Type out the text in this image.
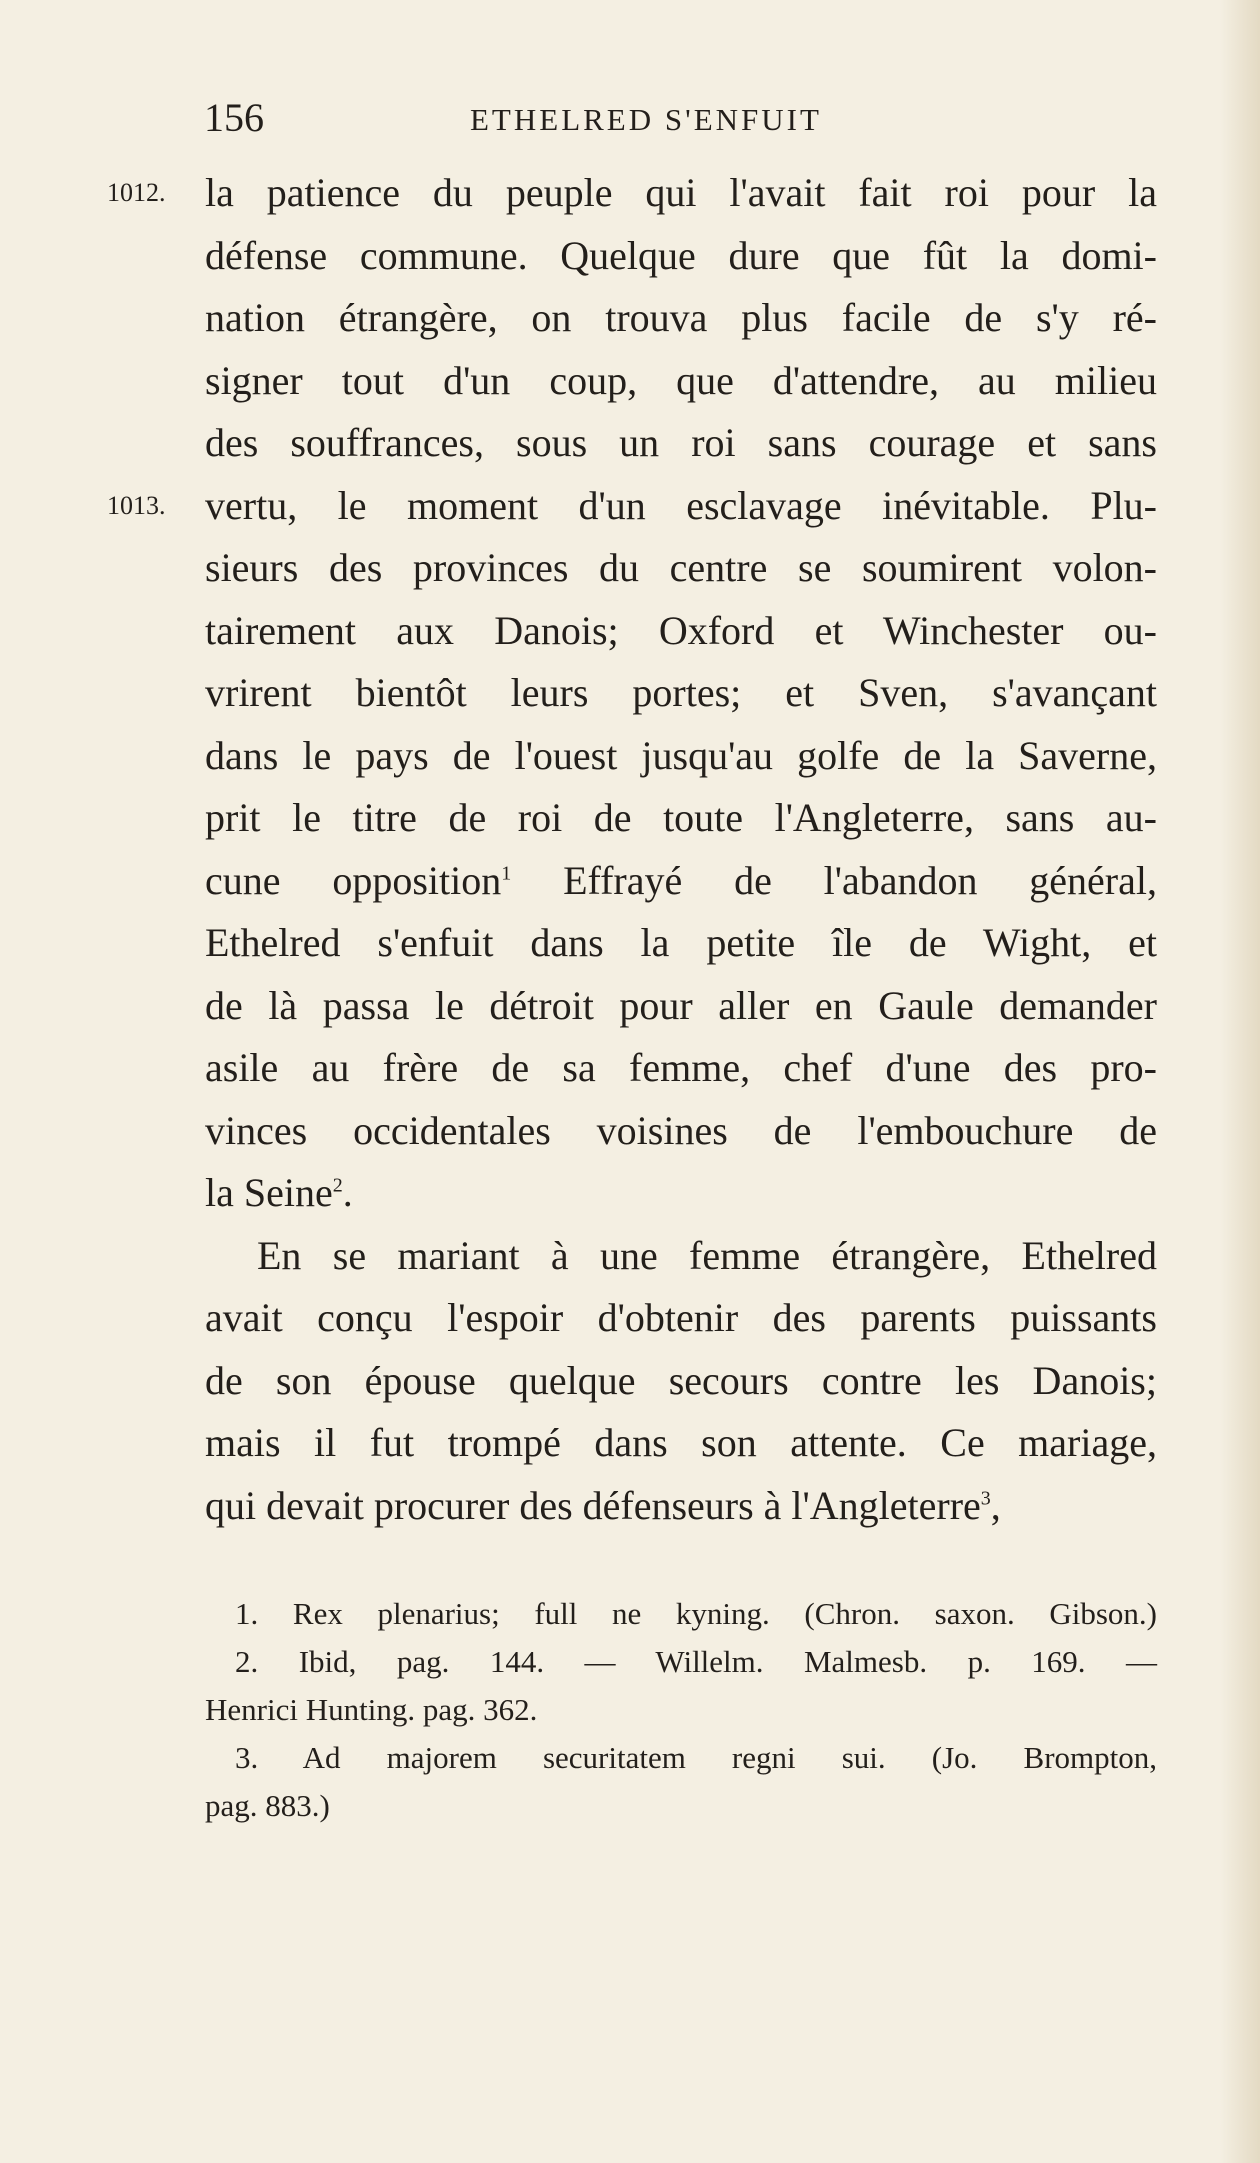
156	ETHELRED S'ENFUIT
1012. la patience du peuple qui l'avait fait roi pour la
défense commune. Quelque dure que fût la domi-
nation étrangère, on trouva plus facile de s'y ré-
signer tout d'un coup, que d'attendre, au milieu
des souffrances, sous un roi sans courage et sans
1013. vertu, le moment d'un esclavage inévitable. Plu-
sieurs des provinces du centre se soumirent volon-
tairement aux Danois; Oxford et Winchester ou-
vrirent bientôt leurs portes; et Sven, s'avançant
dans le pays de l'ouest jusqu'au golfe de la Saverne,
prit le titre de roi de toute l'Angleterre, sans au-
cune opposition$^1$ Effrayé de l'abandon général,
Ethelred s'enfuit dans la petite île de Wight, et
de là passa le détroit pour aller en Gaule demander
asile au frère de sa femme, chef d'une des pro-
vinces occidentales voisines de l'embouchure de
la Seine$^2$.
En se mariant à une femme étrangère, Ethelred
avait conçu l'espoir d'obtenir des parents puissants
de son épouse quelque secours contre les Danois;
mais il fut trompé dans son attente. Ce mariage,
qui devait procurer des défenseurs à l'Angleterre$^3$,
1. Rex plenarius; full ne kyning. (Chron. saxon. Gibson.)
2. Ibid, pag. 144. — Willelm. Malmesb. p. 169. —
Henrici Hunting. pag. 362.
3. Ad majorem securitatem regni sui. (Jo. Brompton,
pag. 883.)
